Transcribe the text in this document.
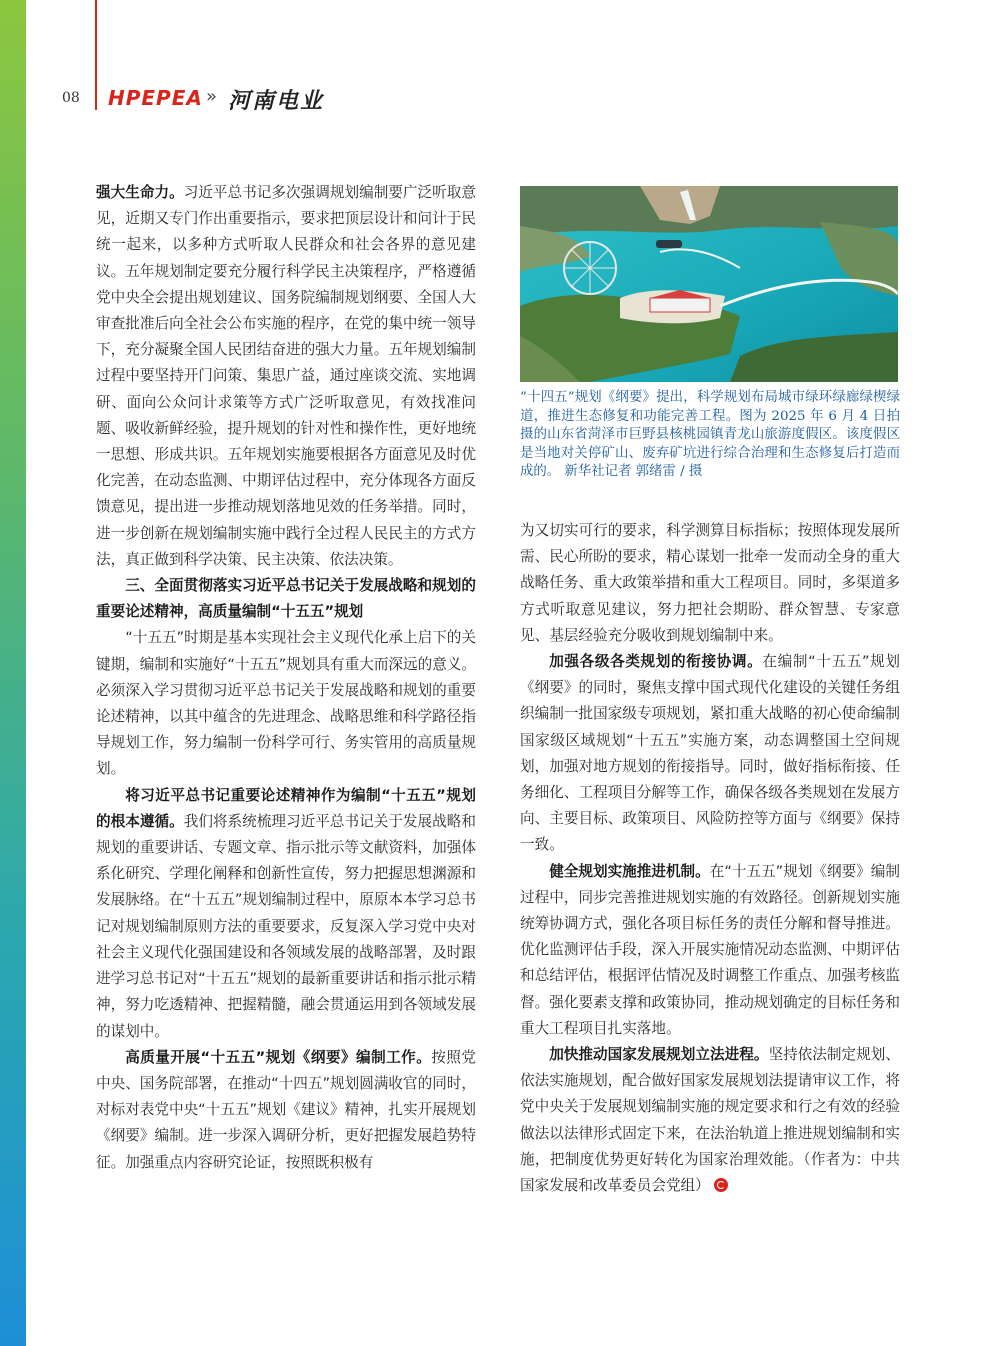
08 HPEPEA » 河南电业

强大生命力。习近平总书记多次强调规划编制要广泛听取意见，近期又专门作出重要指示，要求把顶层设计和问计于民统一起来，以多种方式听取人民群众和社会各界的意见建议。五年规划制定要充分履行科学民主决策程序，严格遵循党中央全会提出规划建议、国务院编制规划纲要、全国人大审查批准后向全社会公布实施的程序，在党的集中统一领导下，充分凝聚全国人民团结奋进的强大力量。五年规划编制过程中要坚持开门问策、集思广益，通过座谈交流、实地调研、面向公众问计求策等方式广泛听取意见，有效找准问题、吸收新鲜经验，提升规划的针对性和操作性，更好地统一思想、形成共识。五年规划实施要根据各方面意见及时优化完善，在动态监测、中期评估过程中，充分体现各方面反馈意见，提出进一步推动规划落地见效的任务举措。同时，进一步创新在规划编制实施中践行全过程人民民主的方式方法，真正做到科学决策、民主决策、依法决策。

三、全面贯彻落实习近平总书记关于发展战略和规划的重要论述精神，高质量编制“十五五”规划

“十五五”时期是基本实现社会主义现代化承上启下的关键期，编制和实施好“十五五”规划具有重大而深远的意义。必须深入学习贯彻习近平总书记关于发展战略和规划的重要论述精神，以其中蕴含的先进理念、战略思维和科学路径指导规划工作，努力编制一份科学可行、务实管用的高质量规划。

将习近平总书记重要论述精神作为编制“十五五”规划的根本遵循。我们将系统梳理习近平总书记关于发展战略和规划的重要讲话、专题文章、指示批示等文献资料，加强体系化研究、学理化阐释和创新性宣传，努力把握思想渊源和发展脉络。在“十五五”规划编制过程中，原原本本学习总书记对规划编制原则方法的重要要求，反复深入学习党中央对社会主义现代化强国建设和各领域发展的战略部署，及时跟进学习总书记对“十五五”规划的最新重要讲话和指示批示精神，努力吃透精神、把握精髓，融会贯通运用到各领域发展的谋划中。

高质量开展“十五五”规划《纲要》编制工作。按照党中央、国务院部署，在推动“十四五”规划圆满收官的同时，对标对表党中央“十五五”规划《建议》精神，扎实开展规划《纲要》编制。进一步深入调研分析，更好把握发展趋势特征。加强重点内容研究论证，按照既积极有

“十四五”规划《纲要》提出，科学规划布局城市绿环绿廊绿楔绿道，推进生态修复和功能完善工程。图为 2025 年 6 月 4 日拍摄的山东省菏泽市巨野县核桃园镇青龙山旅游度假区。该度假区是当地对关停矿山、废弃矿坑进行综合治理和生态修复后打造而成的。 新华社记者 郭绪雷 / 摄

为又切实可行的要求，科学测算目标指标；按照体现发展所需、民心所盼的要求，精心谋划一批牵一发而动全身的重大战略任务、重大政策举措和重大工程项目。同时，多渠道多方式听取意见建议，努力把社会期盼、群众智慧、专家意见、基层经验充分吸收到规划编制中来。

加强各级各类规划的衔接协调。在编制“十五五”规划《纲要》的同时，聚焦支撑中国式现代化建设的关键任务组织编制一批国家级专项规划，紧扣重大战略的初心使命编制国家级区域规划“十五五”实施方案，动态调整国土空间规划，加强对地方规划的衔接指导。同时，做好指标衔接、任务细化、工程项目分解等工作，确保各级各类规划在发展方向、主要目标、政策项目、风险防控等方面与《纲要》保持一致。

健全规划实施推进机制。在“十五五”规划《纲要》编制过程中，同步完善推进规划实施的有效路径。创新规划实施统筹协调方式，强化各项目标任务的责任分解和督导推进。优化监测评估手段，深入开展实施情况动态监测、中期评估和总结评估，根据评估情况及时调整工作重点、加强考核监督。强化要素支撑和政策协同，推动规划确定的目标任务和重大工程项目扎实落地。

加快推动国家发展规划立法进程。坚持依法制定规划、依法实施规划，配合做好国家发展规划法提请审议工作，将党中央关于发展规划编制实施的规定要求和行之有效的经验做法以法律形式固定下来，在法治轨道上推进规划编制和实施，把制度优势更好转化为国家治理效能。（作者为：中共国家发展和改革委员会党组）
